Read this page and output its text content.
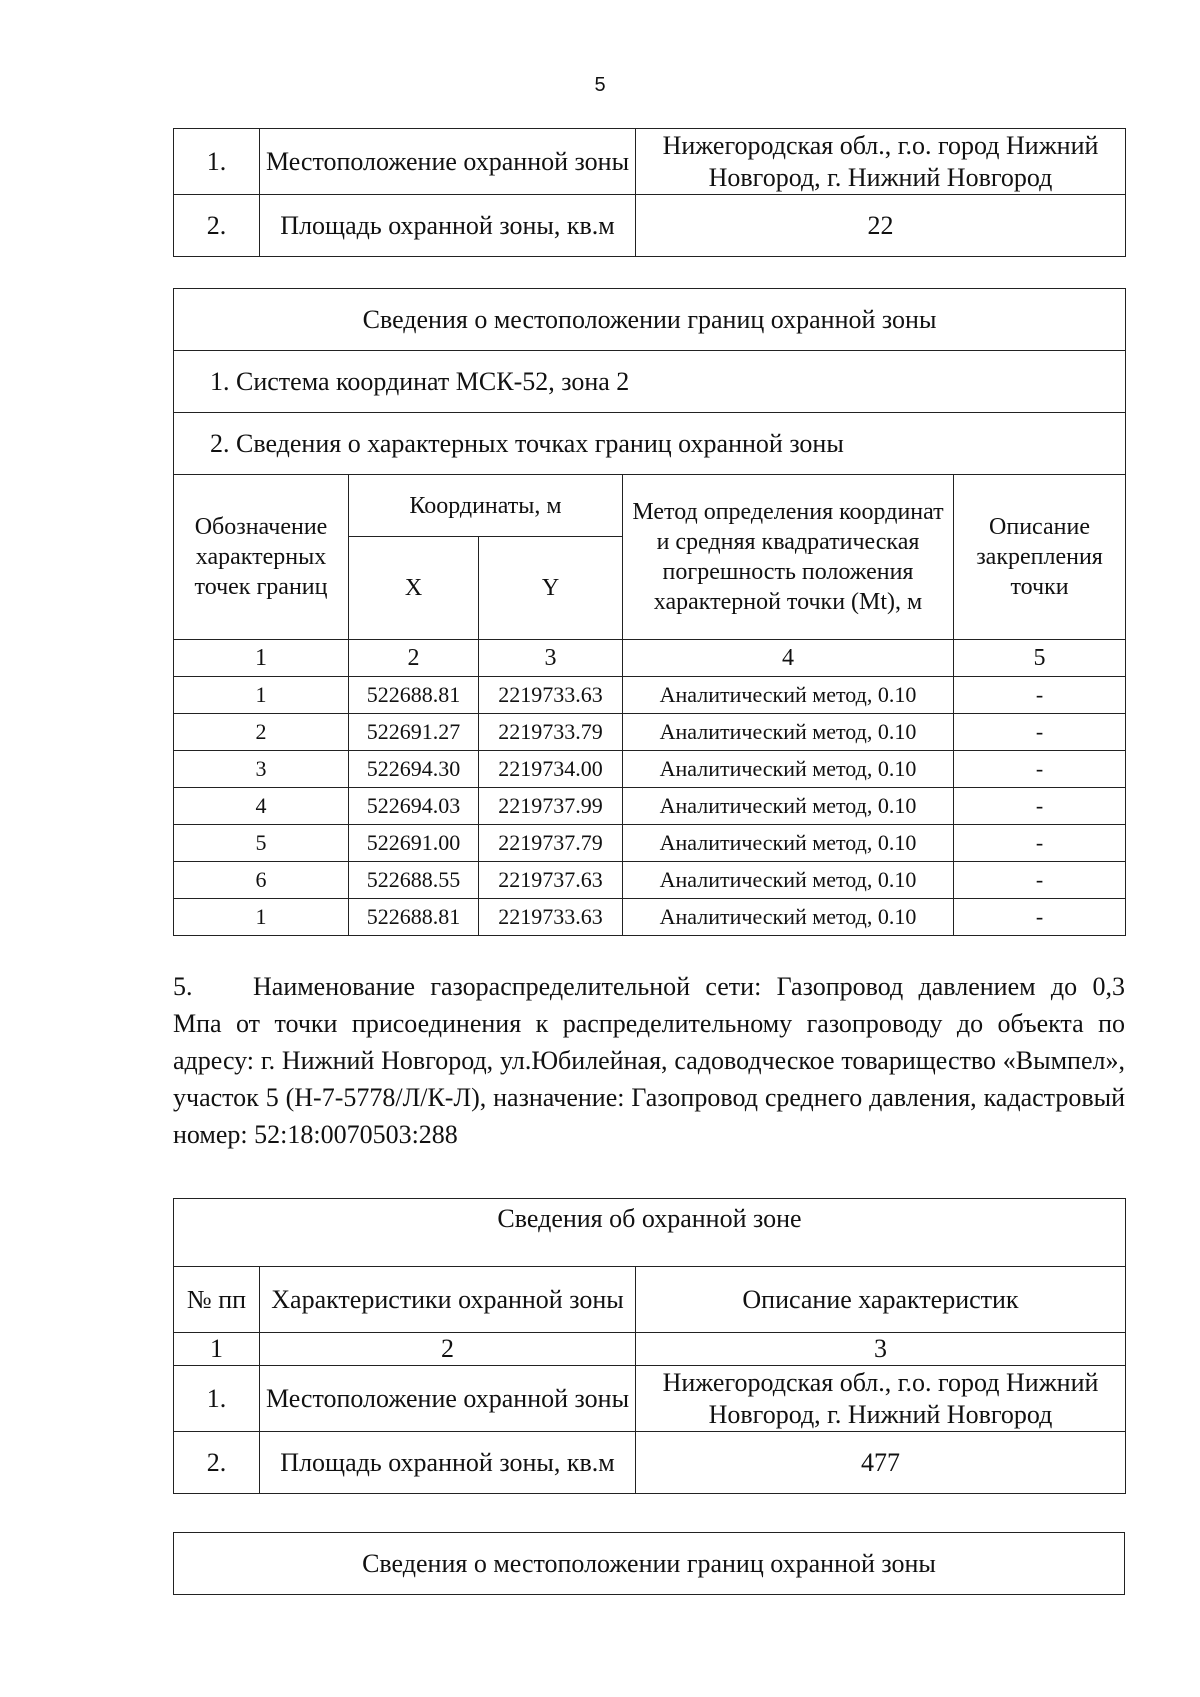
5
1.	Местоположение охранной зоны	Нижегородская обл., г.о. город Нижний Новгород, г. Нижний Новгород
2.	Площадь охранной зоны, кв.м	22
Сведения о местоположении границ охранной зоны				
1. Система координат МСК-52, зона 2				
2. Сведения о характерных точках границ охранной зоны				
Обозначение характерных точек границ	Координаты, м		Метод определения координат и средняя квадратическая погрешность положения характерной точки (Mt), м	Описание закрепления точки
	X	Y		
1	2	3	4	5
1	522688.81	2219733.63	Аналитический метод, 0.10	-
2	522691.27	2219733.79	Аналитический метод, 0.10	-
3	522694.30	2219734.00	Аналитический метод, 0.10	-
4	522694.03	2219737.99	Аналитический метод, 0.10	-
5	522691.00	2219737.79	Аналитический метод, 0.10	-
6	522688.55	2219737.63	Аналитический метод, 0.10	-
1	522688.81	2219733.63	Аналитический метод, 0.10	-
5. Наименование газораспределительной сети: Газопровод давлением до 0,3 Мпа от точки присоединения к распределительному газопроводу до объекта по адресу: г. Нижний Новгород, ул.Юбилейная, садоводческое товарищество «Вымпел», участок 5 (Н-7-5778/Л/К-Л), назначение: Газопровод среднего давления, кадастровый номер: 52:18:0070503:288
Сведения об охранной зоне		
№ пп	Характеристики охранной зоны	Описание характеристик
1	2	3
1.	Местоположение охранной зоны	Нижегородская обл., г.о. город Нижний Новгород, г. Нижний Новгород
2.	Площадь охранной зоны, кв.м	477
Сведения о местоположении границ охранной зоны
